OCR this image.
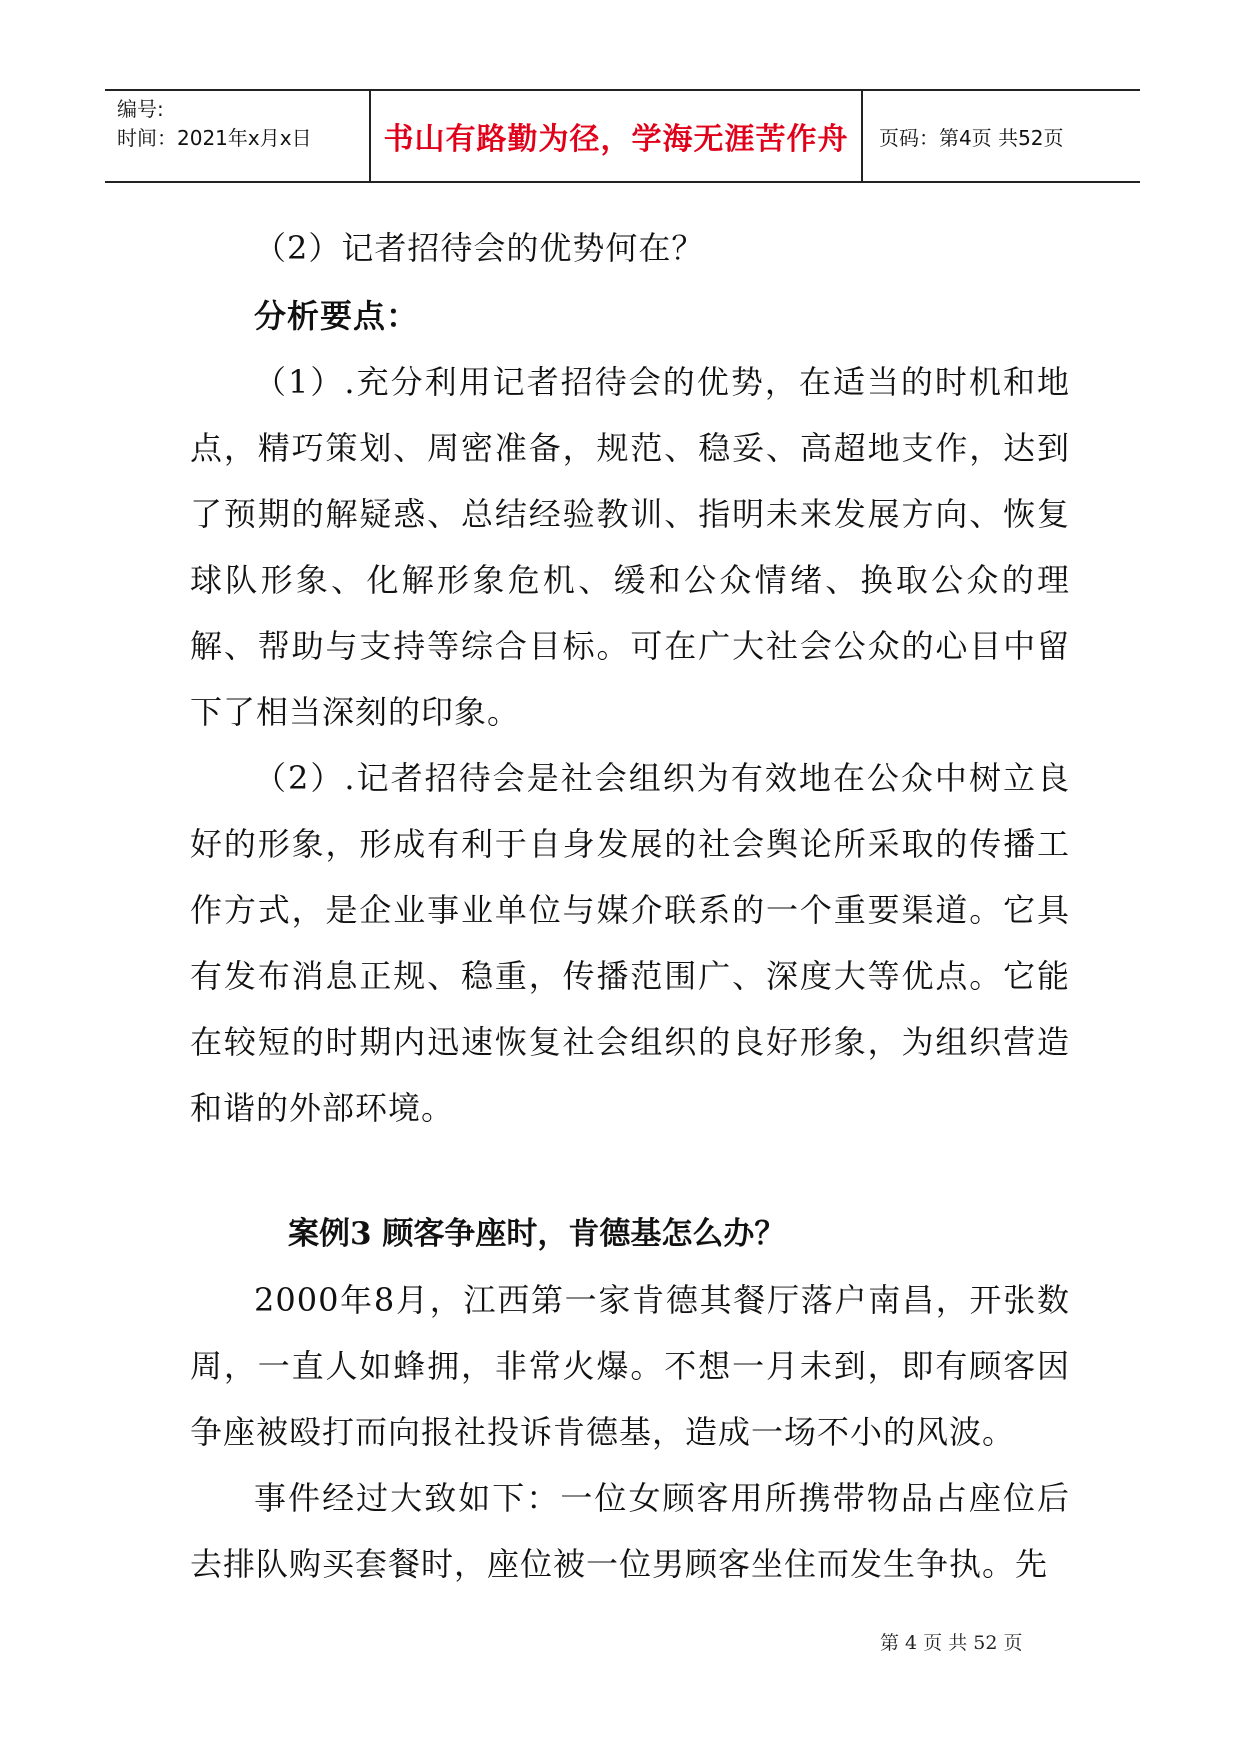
编号:
时间：2021年x月x日 书山有路勤为径，学海无涯苦作舟 页码：第4页 共52页

（2）记者招待会的优势何在？

分析要点：

（1）.充分利用记者招待会的优势，在适当的时机和地点，精巧策划、周密准备，规范、稳妥、高超地支作，达到了预期的解疑惑、总结经验教训、指明未来发展方向、恢复球队形象、化解形象危机、缓和公众情绪、换取公众的理解、帮助与支持等综合目标。可在广大社会公众的心目中留下了相当深刻的印象。

（2）.记者招待会是社会组织为有效地在公众中树立良好的形象，形成有利于自身发展的社会舆论所采取的传播工作方式，是企业事业单位与媒介联系的一个重要渠道。它具有发布消息正规、稳重，传播范围广、深度大等优点。它能在较短的时期内迅速恢复社会组织的良好形象，为组织营造和谐的外部环境。

案例3 顾客争座时，肯德基怎么办？

2000年8月，江西第一家肯德其餐厅落户南昌，开张数周，一直人如蜂拥，非常火爆。不想一月未到，即有顾客因争座被殴打而向报社投诉肯德基，造成一场不小的风波。

事件经过大致如下：一位女顾客用所携带物品占座位后去排队购买套餐时，座位被一位男顾客坐住而发生争执。先

第 4 页 共 52 页
